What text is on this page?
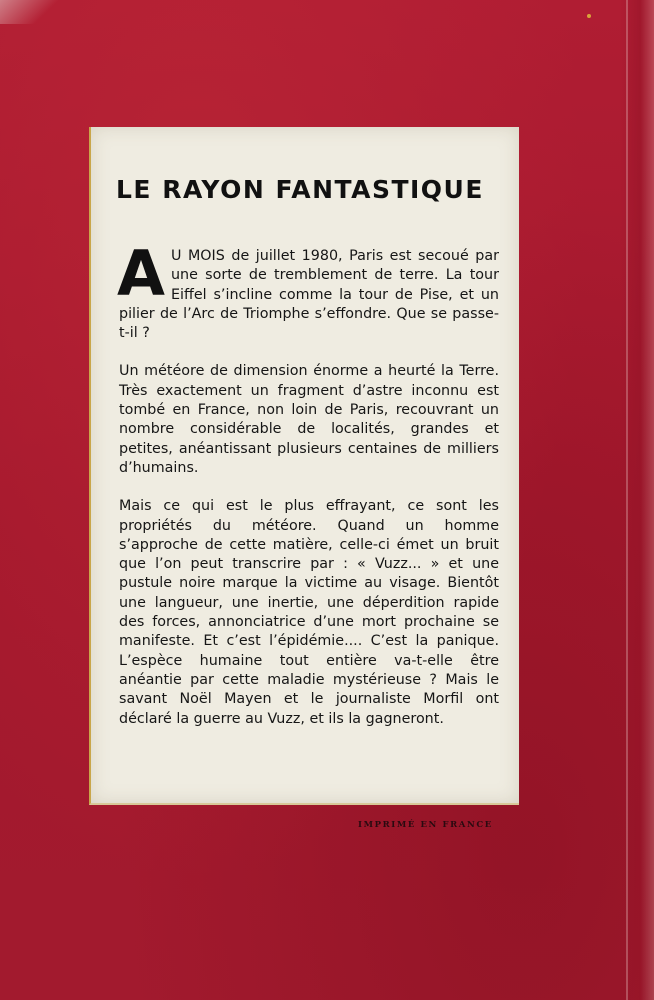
LE RAYON FANTASTIQUE

A U MOIS de juillet 1980, Paris est secoué par une sorte de tremblement de terre. La tour Eiffel s’incline comme la tour de Pise, et un pilier de l’Arc de Triomphe s’effondre. Que se passe-t-il ?

Un météore de dimension énorme a heurté la Terre. Très exactement un fragment d’astre inconnu est tombé en France, non loin de Paris, recouvrant un nombre considérable de localités, grandes et petites, anéantissant plusieurs centaines de milliers d’humains.

Mais ce qui est le plus effrayant, ce sont les propriétés du météore. Quand un homme s’approche de cette matière, celle-ci émet un bruit que l’on peut transcrire par : « Vuzz... » et une pustule noire marque la victime au visage. Bientôt une langueur, une inertie, une déperdition rapide des forces, annonciatrice d’une mort prochaine se manifeste. Et c’est l’épidémie.... C’est la panique. L’espèce humaine tout entière va-t-elle être anéantie par cette maladie mystérieuse ? Mais le savant Noël Mayen et le journaliste Morfil ont déclaré la guerre au Vuzz, et ils la gagneront.

IMPRIMÉ EN FRANCE
